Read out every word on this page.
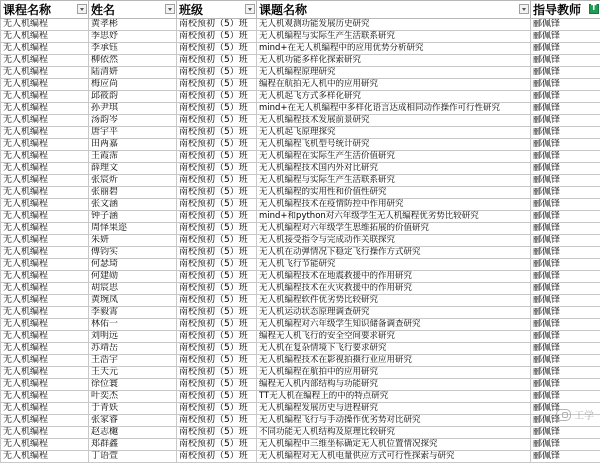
课程名称	姓名	班级	课题名称	指导教师
T

无人机编程	黄孝彬	南校预初（5）班	无人机观测功能发展历史研究	郦佩锋
无人机编程	季思妤	南校预初（5）班	无人机编程与实际生产生活联系研究	郦佩锋
无人机编程	李承钰	南校预初（5）班	mind+在无人机编程中的应用优势分析研究	郦佩锋
无人机编程	柳依然	南校预初（5）班	无人机功能多样化探索研究	郦佩锋
无人机编程	陆清妍	南校预初（5）班	无人机编程原理研究	郦佩锋
无人机编程	梅应尚	南校预初（5）班	编程在航拍无人机中的应用研究	郦佩锋
无人机编程	邱筱韵	南校预初（5）班	无人机起飞方式多样化研究	郦佩锋
无人机编程	孙尹琪	南校预初（5）班	mind+在无人机编程中多样化语言达成相同动作操作可行性研究	郦佩锋
无人机编程	汤韵岑	南校预初（5）班	无人机编程技术发展前景研究	郦佩锋
无人机编程	唐宇平	南校预初（5）班	无人机起飞原理探究	郦佩锋
无人机编程	田两嘉	南校预初（5）班	无人机编程飞机型号统计研究	郦佩锋
无人机编程	王霞霈	南校预初（5）班	无人机编程在实际生产生活价值研究	郦佩锋
无人机编程	薛理文	南校预初（5）班	无人机编程技术国内外对比研究	郦佩锋
无人机编程	张宸炘	南校预初（5）班	无人机编程与实际生产生活联系研究	郦佩锋
无人机编程	张丽碧	南校预初（5）班	无人机编程的实用性和价值性研究	郦佩锋
无人机编程	张文涵	南校预初（5）班	无人机编程技术在疫情防控中作用研究	郦佩锋
无人机编程	钟子涵	南校预初（5）班	mind+和python对六年级学生无人机编程优劣势比较研究	郦佩锋
无人机编程	周怿果迩	南校预初（5）班	无人机编程对六年级学生思维拓展的价值研究	郦佩锋
无人机编程	朱妍	南校预初（5）班	无人机接受指令与完成动作关联探究	郦佩锋
无人机编程	傅钧实	南校预初（5）班	无人机在动弹情况下稳定飞行操作方式研究	郦佩锋
无人机编程	何瑟琦	南校预初（5）班	无人机飞行节能研究	郦佩锋
无人机编程	何建勋	南校预初（5）班	无人机编程技术在地震救援中的作用研究	郦佩锋
无人机编程	胡宸思	南校预初（5）班	无人机编程技术在火灾救援中的作用研究	郦佩锋
无人机编程	黄琬凤	南校预初（5）班	无人机编程软件优劣势比较研究	郦佩锋
无人机编程	李毅霄	南校预初（5）班	无人机运动状态原理调查研究	郦佩锋
无人机编程	林佑一	南校预初（5）班	无人机编程对六年级学生知识储备调查研究	郦佩锋
无人机编程	刘明远	南校预初（5）班	编程无人机飞行的安全空间要求研究	郦佩锋
无人机编程	苏靖岳	南校预初（5）班	无人机在复杂情境下飞行要求研究	郦佩锋
无人机编程	王浩宇	南校预初（5）班	无人机编程技术在影视拍摄行业应用研究	郦佩锋
无人机编程	王天元	南校预初（5）班	无人机编程在航拍中的应用研究	郦佩锋
无人机编程	徐位寰	南校预初（5）班	编程无人机内部结构与功能研究	郦佩锋
无人机编程	叶奕杰	南校预初（5）班	TT无人机在编程上的中的特点研究	郦佩锋
无人机编程	于青妖	南校预初（5）班	无人机编程发展历史与进程研究	郦佩锋
无人机编程	张家睿	南校预初（5）班	无人机编程飞行与手动操作优劣势对比研究	郦佩锋
无人机编程	赵志樾	南校预初（5）班	不同功能无人机结构及原理比较研究	郦佩锋
无人机编程	郑群鑫	南校预初（5）班	无人机编程中三维坐标确定无人机位置情况探究	郦佩锋
无人机编程	丁语萱	南校预初（5）班	无人机编程对无人机电量供应方式可行性探索与研究	郦佩锋
工学
